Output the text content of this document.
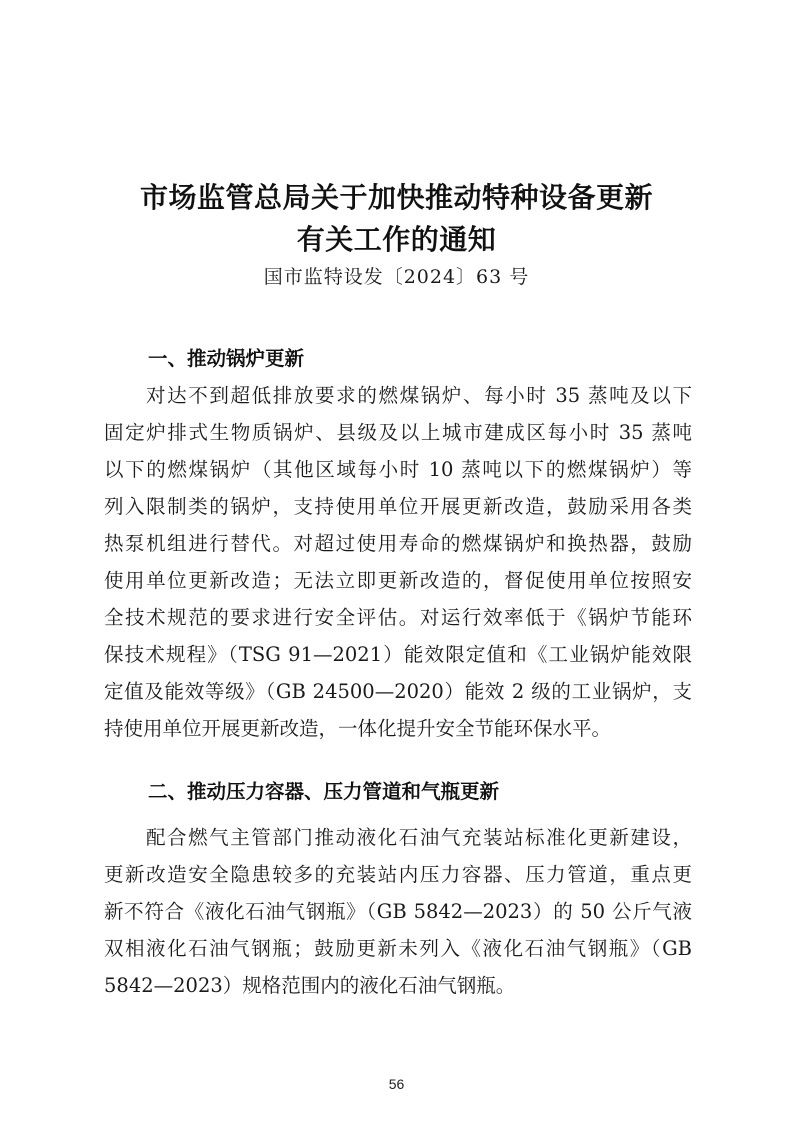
市场监管总局关于加快推动特种设备更新
有关工作的通知
国市监特设发〔2024〕63 号
一、推动锅炉更新
对达不到超低排放要求的燃煤锅炉、每小时 35 蒸吨及以下
固定炉排式生物质锅炉、县级及以上城市建成区每小时 35 蒸吨
以下的燃煤锅炉（其他区域每小时 10 蒸吨以下的燃煤锅炉）等
列入限制类的锅炉，支持使用单位开展更新改造，鼓励采用各类
热泵机组进行替代。对超过使用寿命的燃煤锅炉和换热器，鼓励
使用单位更新改造；无法立即更新改造的，督促使用单位按照安
全技术规范的要求进行安全评估。对运行效率低于《锅炉节能环
保技术规程》（TSG 91—2021）能效限定值和《工业锅炉能效限
定值及能效等级》（GB 24500—2020）能效 2 级的工业锅炉，支
持使用单位开展更新改造，一体化提升安全节能环保水平。
二、推动压力容器、压力管道和气瓶更新
配合燃气主管部门推动液化石油气充装站标准化更新建设，
更新改造安全隐患较多的充装站内压力容器、压力管道，重点更
新不符合《液化石油气钢瓶》（GB 5842—2023）的 50 公斤气液
双相液化石油气钢瓶；鼓励更新未列入《液化石油气钢瓶》（GB
5842—2023）规格范围内的液化石油气钢瓶。
56
